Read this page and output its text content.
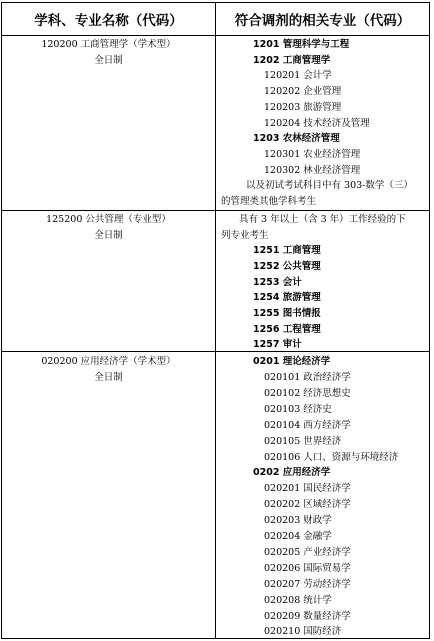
学科、专业名称（代码）	符合调剂的相关专业（代码）
120200 工商管理学（学术型）
全日制
1201 管理科学与工程
1202 工商管理学
120201 会计学
120202 企业管理
120203 旅游管理
120204 技术经济及管理
1203 农林经济管理
120301 农业经济管理
120302 林业经济管理
以及初试考试科目中有 303-数学（三）
的管理类其他学科考生
125200 公共管理（专业型）
全日制
具有 3 年以上（含 3 年）工作经验的下
列专业考生
1251 工商管理
1252 公共管理
1253 会计
1254 旅游管理
1255 图书情报
1256 工程管理
1257 审计
020200 应用经济学（学术型）
全日制
0201 理论经济学
020101 政治经济学
020102 经济思想史
020103 经济史
020104 西方经济学
020105 世界经济
020106 人口、资源与环境经济
0202 应用经济学
020201 国民经济学
020202 区域经济学
020203 财政学
020204 金融学
020205 产业经济学
020206 国际贸易学
020207 劳动经济学
020208 统计学
020209 数量经济学
020210 国防经济
